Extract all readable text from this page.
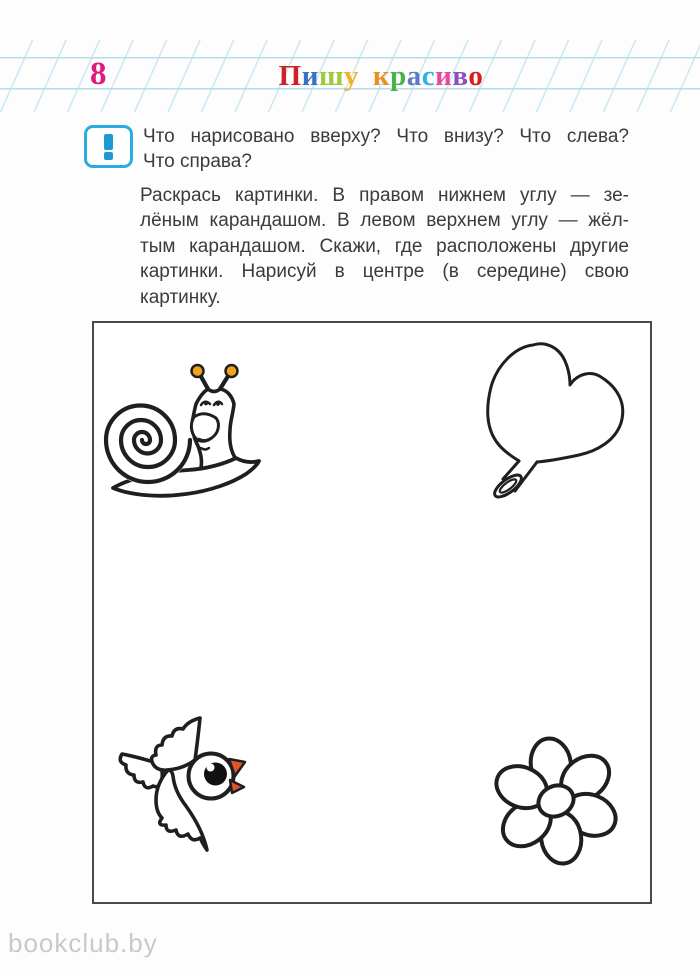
8	Пишу красиво
Что нарисовано вверху? Что внизу? Что слева?
Что справа?
Раскрась картинки. В правом нижнем углу — зе-
лёным карандашом. В левом верхнем углу — жёл-
тым карандашом. Скажи, где расположены другие
картинки. Нарисуй в центре (в середине) свою
картинку.
bookclub.by
